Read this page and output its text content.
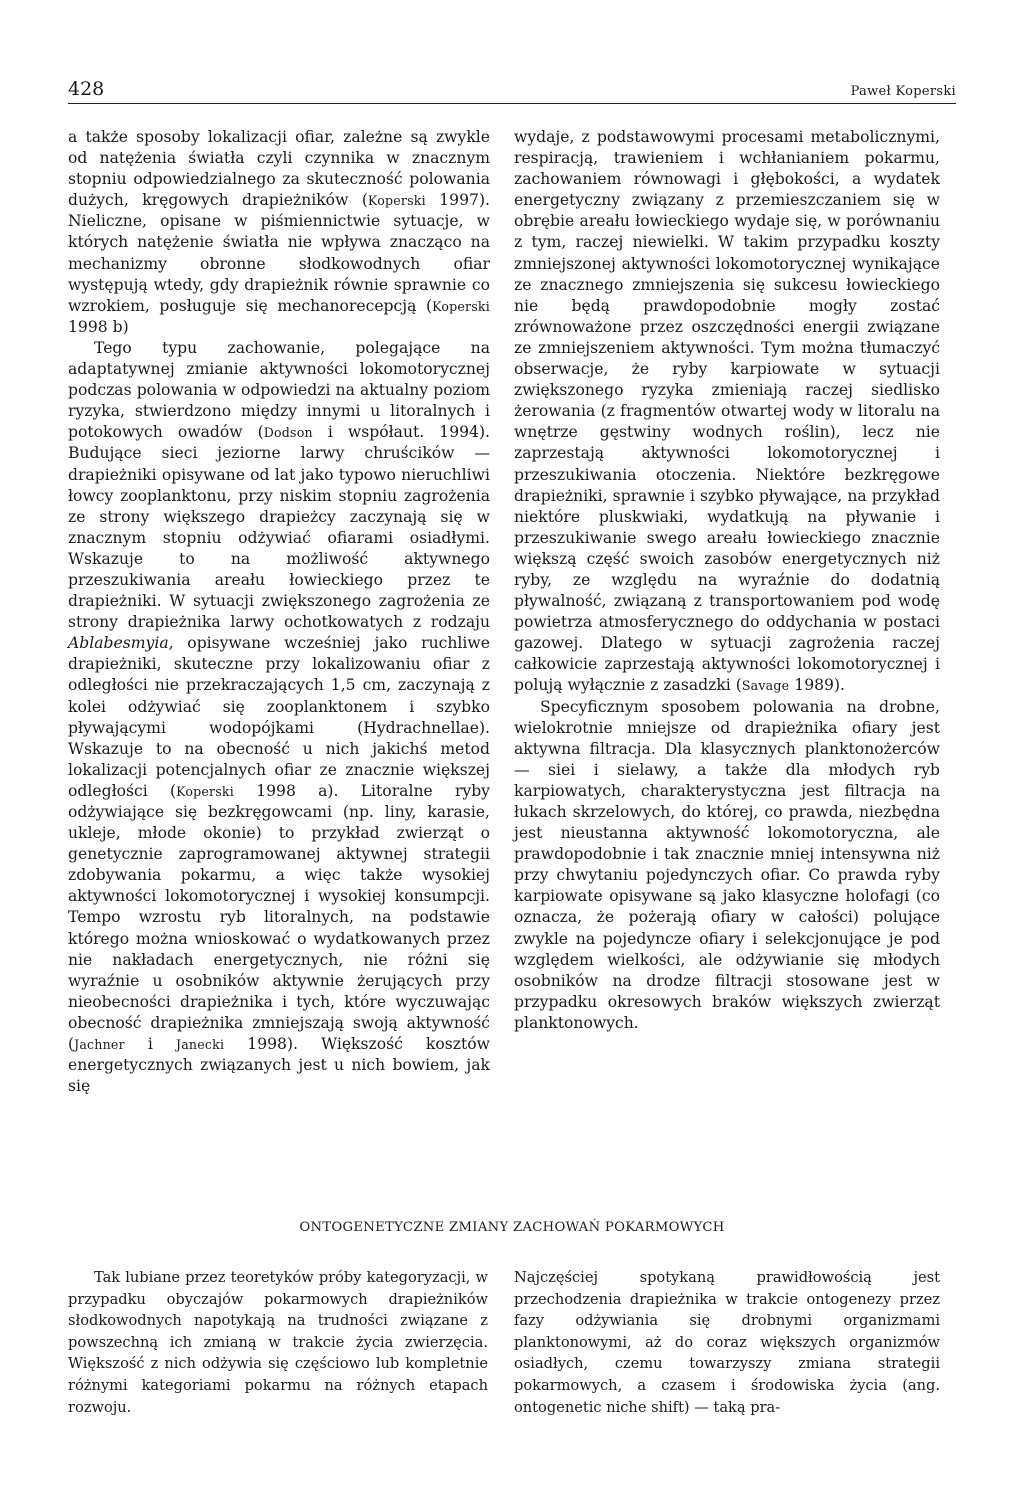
428	Paweł Koperski

a także sposoby lokalizacji ofiar, zależne są zwykle od natężenia światła czyli czynnika w znacznym stopniu odpowiedzialnego za skuteczność polowania dużych, kręgowych drapieżników (Koperski 1997). Nieliczne, opisane w piśmiennictwie sytuacje, w których natężenie światła nie wpływa znacząco na mechanizmy obronne słodkowodnych ofiar występują wtedy, gdy drapieżnik równie sprawnie co wzrokiem, posługuje się mechanorecepcją (Koperski 1998 b)

Tego typu zachowanie, polegające na adaptatywnej zmianie aktywności lokomotorycznej podczas polowania w odpowiedzi na aktualny poziom ryzyka, stwierdzono między innymi u litoralnych i potokowych owadów (Dodson i współaut. 1994). Budujące sieci jeziorne larwy chruścików — drapieżniki opisywane od lat jako typowo nieruchliwi łowcy zooplanktonu, przy niskim stopniu zagrożenia ze strony większego drapieżcy zaczynają się w znacznym stopniu odżywiać ofiarami osiadłymi. Wskazuje to na możliwość aktywnego przeszukiwania areału łowieckiego przez te drapieżniki. W sytuacji zwiększonego zagrożenia ze strony drapieżnika larwy ochotkowatych z rodzaju Ablabesmyia, opisywane wcześniej jako ruchliwe drapieżniki, skuteczne przy lokalizowaniu ofiar z odległości nie przekraczających 1,5 cm, zaczynają z kolei odżywiać się zooplanktonem i szybko pływającymi wodopójkami (Hydrachnellae). Wskazuje to na obecność u nich jakichś metod lokalizacji potencjalnych ofiar ze znacznie większej odległości (Koperski 1998 a). Litoralne ryby odżywiające się bezkręgowcami (np. liny, karasie, ukleje, młode okonie) to przykład zwierząt o genetycznie zaprogramowanej aktywnej strategii zdobywania pokarmu, a więc także wysokiej aktywności lokomotorycznej i wysokiej konsumpcji. Tempo wzrostu ryb litoralnych, na podstawie którego można wnioskować o wydatkowanych przez nie nakładach energetycznych, nie różni się wyraźnie u osobników aktywnie żerujących przy nieobecności drapieżnika i tych, które wyczuwając obecność drapieżnika zmniejszają swoją aktywność (Jachner i Janecki 1998). Większość kosztów energetycznych związanych jest u nich bowiem, jak się

wydaje, z podstawowymi procesami metabolicznymi, respiracją, trawieniem i wchłanianiem pokarmu, zachowaniem równowagi i głębokości, a wydatek energetyczny związany z przemieszczaniem się w obrębie areału łowieckiego wydaje się, w porównaniu z tym, raczej niewielki. W takim przypadku koszty zmniejszonej aktywności lokomotorycznej wynikające ze znacznego zmniejszenia się sukcesu łowieckiego nie będą prawdopodobnie mogły zostać zrównoważone przez oszczędności energii związane ze zmniejszeniem aktywności. Tym można tłumaczyć obserwacje, że ryby karpiowate w sytuacji zwiększonego ryzyka zmieniają raczej siedlisko żerowania (z fragmentów otwartej wody w litoralu na wnętrze gęstwiny wodnych roślin), lecz nie zaprzestają aktywności lokomotorycznej i przeszukiwania otoczenia. Niektóre bezkręgowe drapieżniki, sprawnie i szybko pływające, na przykład niektóre pluskwiaki, wydatkują na pływanie i przeszukiwanie swego areału łowieckiego znacznie większą część swoich zasobów energetycznych niż ryby, ze względu na wyraźnie do dodatnią pływalność, związaną z transportowaniem pod wodę powietrza atmosferycznego do oddychania w postaci gazowej. Dlatego w sytuacji zagrożenia raczej całkowicie zaprzestają aktywności lokomotorycznej i polują wyłącznie z zasadzki (Savage 1989).

Specyficznym sposobem polowania na drobne, wielokrotnie mniejsze od drapieżnika ofiary jest aktywna filtracja. Dla klasycznych planktonożerców — siei i sielawy, a także dla młodych ryb karpiowatych, charakterystyczna jest filtracja na łukach skrzelowych, do której, co prawda, niezbędna jest nieustanna aktywność lokomotoryczna, ale prawdopodobnie i tak znacznie mniej intensywna niż przy chwytaniu pojedynczych ofiar. Co prawda ryby karpiowate opisywane są jako klasyczne holofagi (co oznacza, że pożerają ofiary w całości) polujące zwykle na pojedyncze ofiary i selekcjonujące je pod względem wielkości, ale odżywianie się młodych osobników na drodze filtracji stosowane jest w przypadku okresowych braków większych zwierząt planktonowych.

ONTOGENETYCZNE ZMIANY ZACHOWAŃ POKARMOWYCH

Tak lubiane przez teoretyków próby kategoryzacji, w przypadku obyczajów pokarmowych drapieżników słodkowodnych napotykają na trudności związane z powszechną ich zmianą w trakcie życia zwierzęcia. Większość z nich odżywia się częściowo lub kompletnie różnymi kategoriami pokarmu na różnych etapach rozwoju.

Najczęściej spotykaną prawidłowością jest przechodzenia drapieżnika w trakcie ontogenezy przez fazy odżywiania się drobnymi organizmami planktonowymi, aż do coraz większych organizmów osiadłych, czemu towarzyszy zmiana strategii pokarmowych, a czasem i środowiska życia (ang. ontogenetic niche shift) — taką pra-
